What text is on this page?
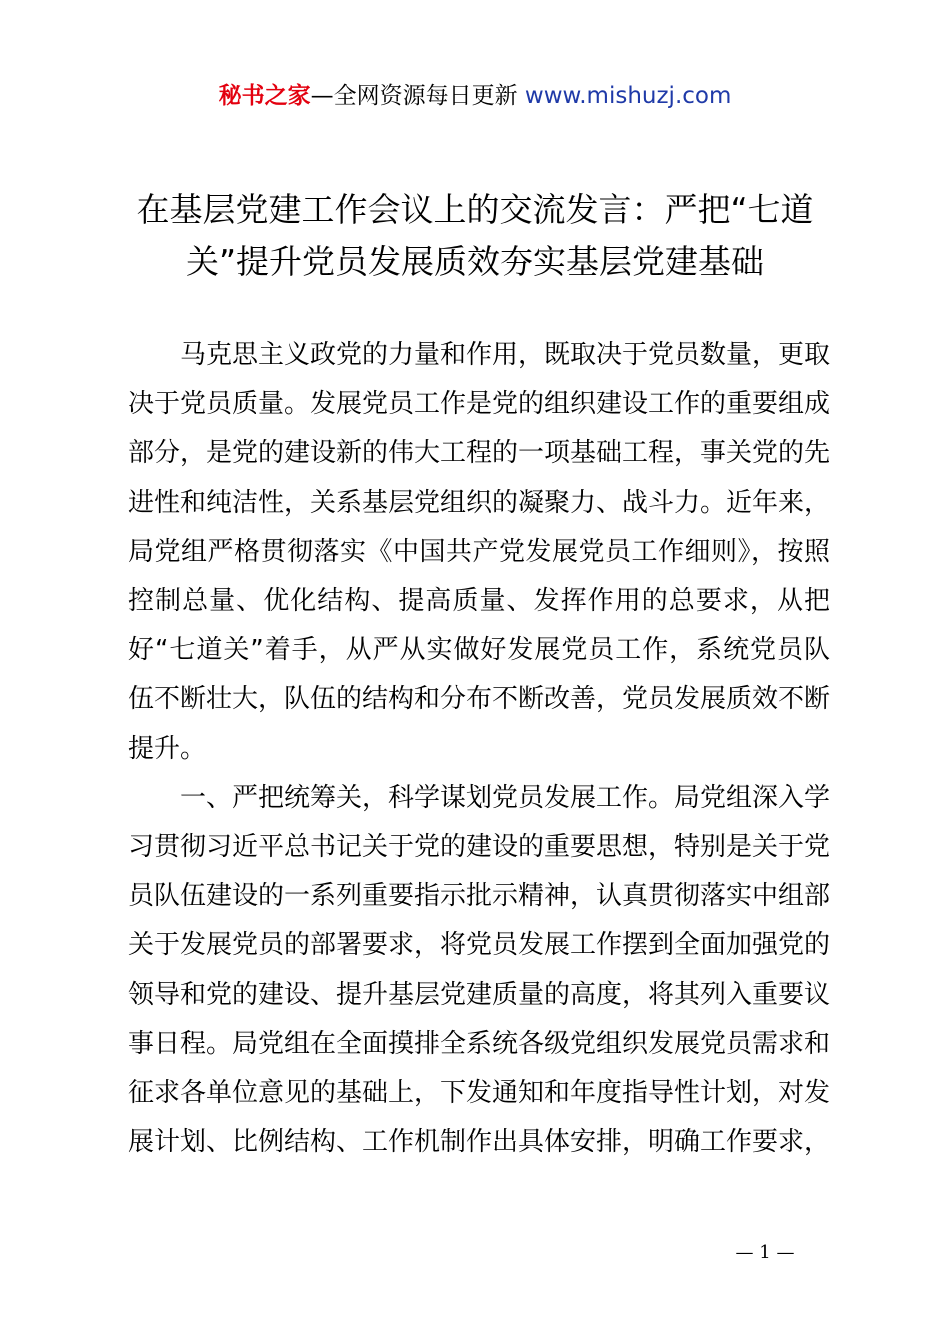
秘书之家—全网资源每日更新 www.mishuzj.com
在基层党建工作会议上的交流发言：严把“七道关”提升党员发展质效夯实基层党建基础

马克思主义政党的力量和作用，既取决于党员数量，更取决于党员质量。发展党员工作是党的组织建设工作的重要组成部分，是党的建设新的伟大工程的一项基础工程，事关党的先进性和纯洁性，关系基层党组织的凝聚力、战斗力。近年来，局党组严格贯彻落实《中国共产党发展党员工作细则》，按照控制总量、优化结构、提高质量、发挥作用的总要求，从把好“七道关”着手，从严从实做好发展党员工作，系统党员队伍不断壮大，队伍的结构和分布不断改善，党员发展质效不断提升。

一、严把统筹关，科学谋划党员发展工作。局党组深入学习贯彻习近平总书记关于党的建设的重要思想，特别是关于党员队伍建设的一系列重要指示批示精神，认真贯彻落实中组部关于发展党员的部署要求，将党员发展工作摆到全面加强党的领导和党的建设、提升基层党建质量的高度，将其列入重要议事日程。局党组在全面摸排全系统各级党组织发展党员需求和征求各单位意见的基础上，下发通知和年度指导性计划，对发展计划、比例结构、工作机制作出具体安排，明确工作要求，

— 1 —
